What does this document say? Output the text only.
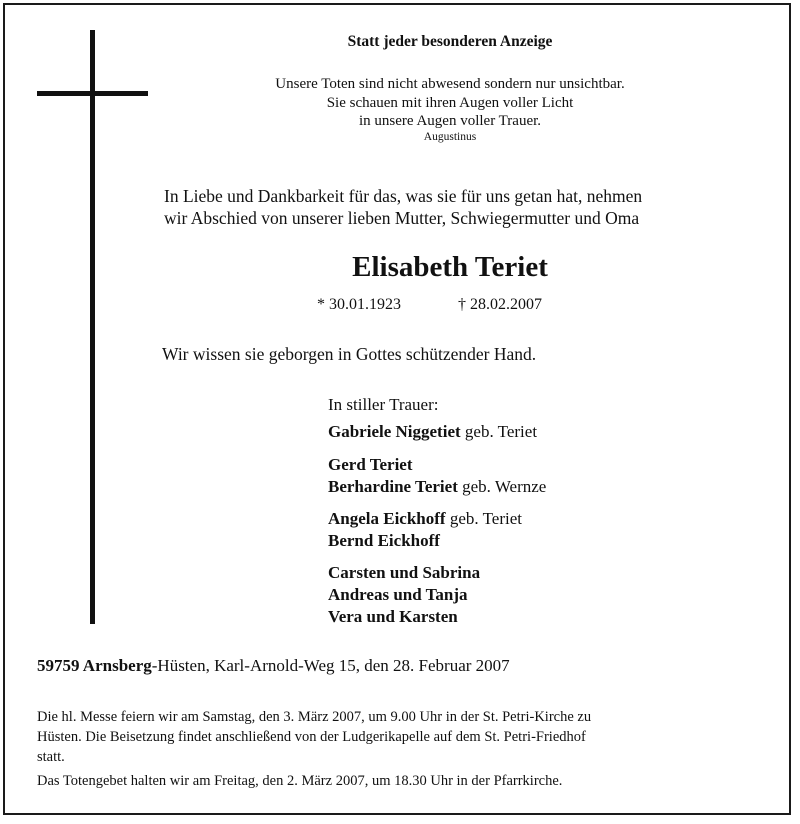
Statt jeder besonderen Anzeige
Unsere Toten sind nicht abwesend sondern nur unsichtbar.
Sie schauen mit ihren Augen voller Licht
in unsere Augen voller Trauer.
Augustinus
In Liebe und Dankbarkeit für das, was sie für uns getan hat, nehmen
wir Abschied von unserer lieben Mutter, Schwiegermutter und Oma
Elisabeth Teriet
* 30.01.1923	† 28.02.2007
Wir wissen sie geborgen in Gottes schützender Hand.
In stiller Trauer:
Gabriele Niggetiet geb. Teriet
Gerd Teriet
Berhardine Teriet geb. Wernze
Angela Eickhoff geb. Teriet
Bernd Eickhoff
Carsten und Sabrina
Andreas und Tanja
Vera und Karsten
59759 Arnsberg-Hüsten, Karl-Arnold-Weg 15, den 28. Februar 2007
Die hl. Messe feiern wir am Samstag, den 3. März 2007, um 9.00 Uhr in der St. Petri-Kirche zu
Hüsten. Die Beisetzung findet anschließend von der Ludgerikapelle auf dem St. Petri-Friedhof
statt.
Das Totengebet halten wir am Freitag, den 2. März 2007, um 18.30 Uhr in der Pfarrkirche.
